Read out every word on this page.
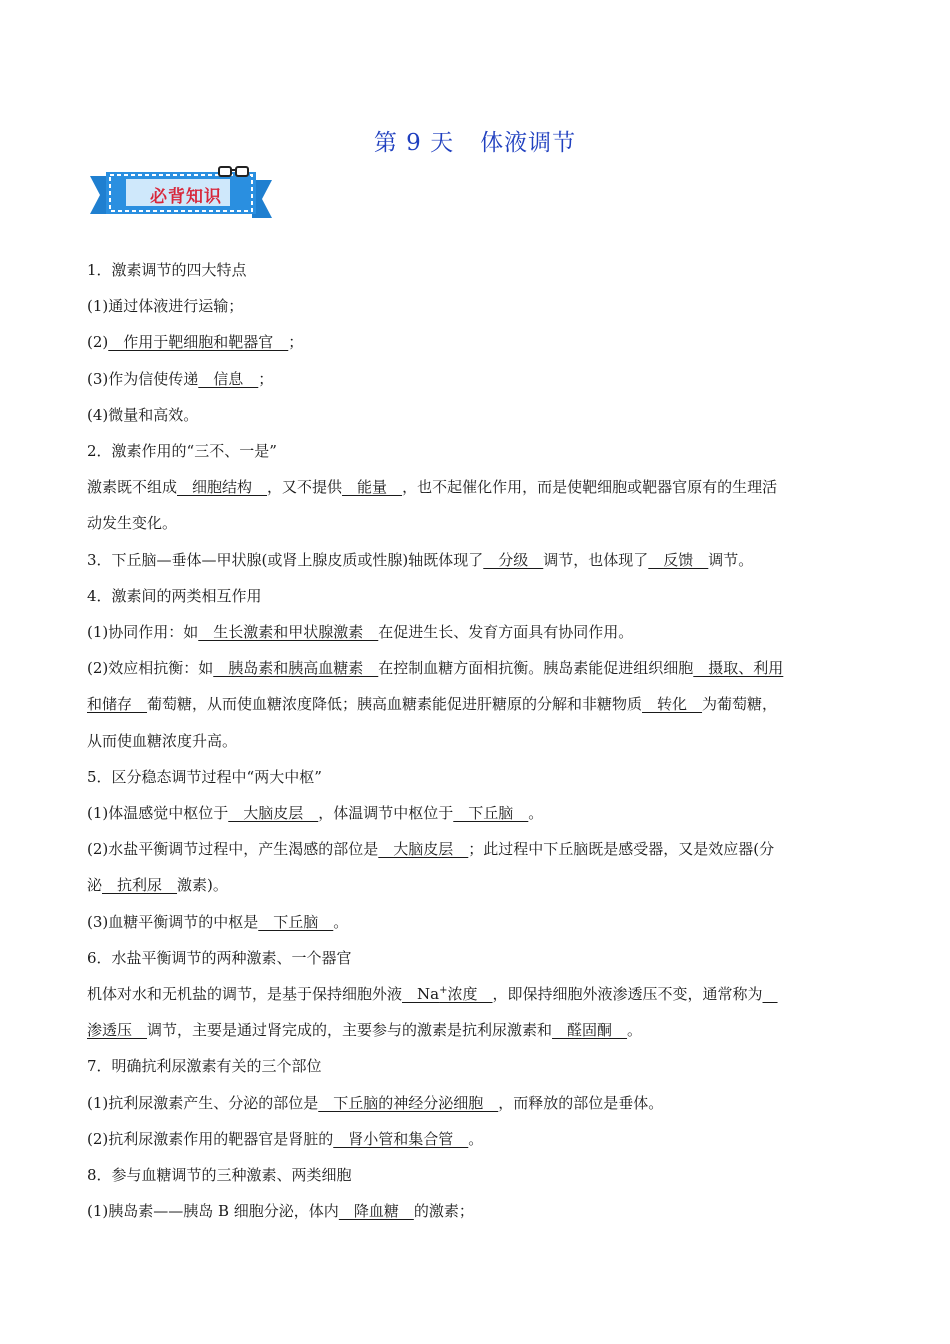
第 9 天 体液调节
必背知识
1．激素调节的四大特点
(1)通过体液进行运输；
(2)　作用于靶细胞和靶器官　；
(3)作为信使传递　信息　；
(4)微量和高效。
2．激素作用的“三不、一是”
激素既不组成　细胞结构　，又不提供　能量　，也不起催化作用，而是使靶细胞或靶器官原有的生理活
动发生变化。
3．下丘脑—垂体—甲状腺(或肾上腺皮质或性腺)轴既体现了　分级　调节，也体现了　反馈　调节。
4．激素间的两类相互作用
(1)协同作用：如　生长激素和甲状腺激素　在促进生长、发育方面具有协同作用。
(2)效应相抗衡：如　胰岛素和胰高血糖素　在控制血糖方面相抗衡。胰岛素能促进组织细胞　摄取、利用
和储存　葡萄糖，从而使血糖浓度降低；胰高血糖素能促进肝糖原的分解和非糖物质　转化　为葡萄糖，
从而使血糖浓度升高。
5．区分稳态调节过程中“两大中枢”
(1)体温感觉中枢位于　大脑皮层　，体温调节中枢位于　下丘脑　。
(2)水盐平衡调节过程中，产生渴感的部位是　大脑皮层　；此过程中下丘脑既是感受器，又是效应器(分
泌　抗利尿　激素)。
(3)血糖平衡调节的中枢是　下丘脑　。
6．水盐平衡调节的两种激素、一个器官
机体对水和无机盐的调节，是基于保持细胞外液　Na+浓度　，即保持细胞外液渗透压不变，通常称为　
渗透压　调节，主要是通过肾完成的，主要参与的激素是抗利尿激素和　醛固酮　。
7．明确抗利尿激素有关的三个部位
(1)抗利尿激素产生、分泌的部位是　下丘脑的神经分泌细胞　，而释放的部位是垂体。
(2)抗利尿激素作用的靶器官是肾脏的　肾小管和集合管　。
8．参与血糖调节的三种激素、两类细胞
(1)胰岛素——胰岛 B 细胞分泌，体内　降血糖　的激素；
